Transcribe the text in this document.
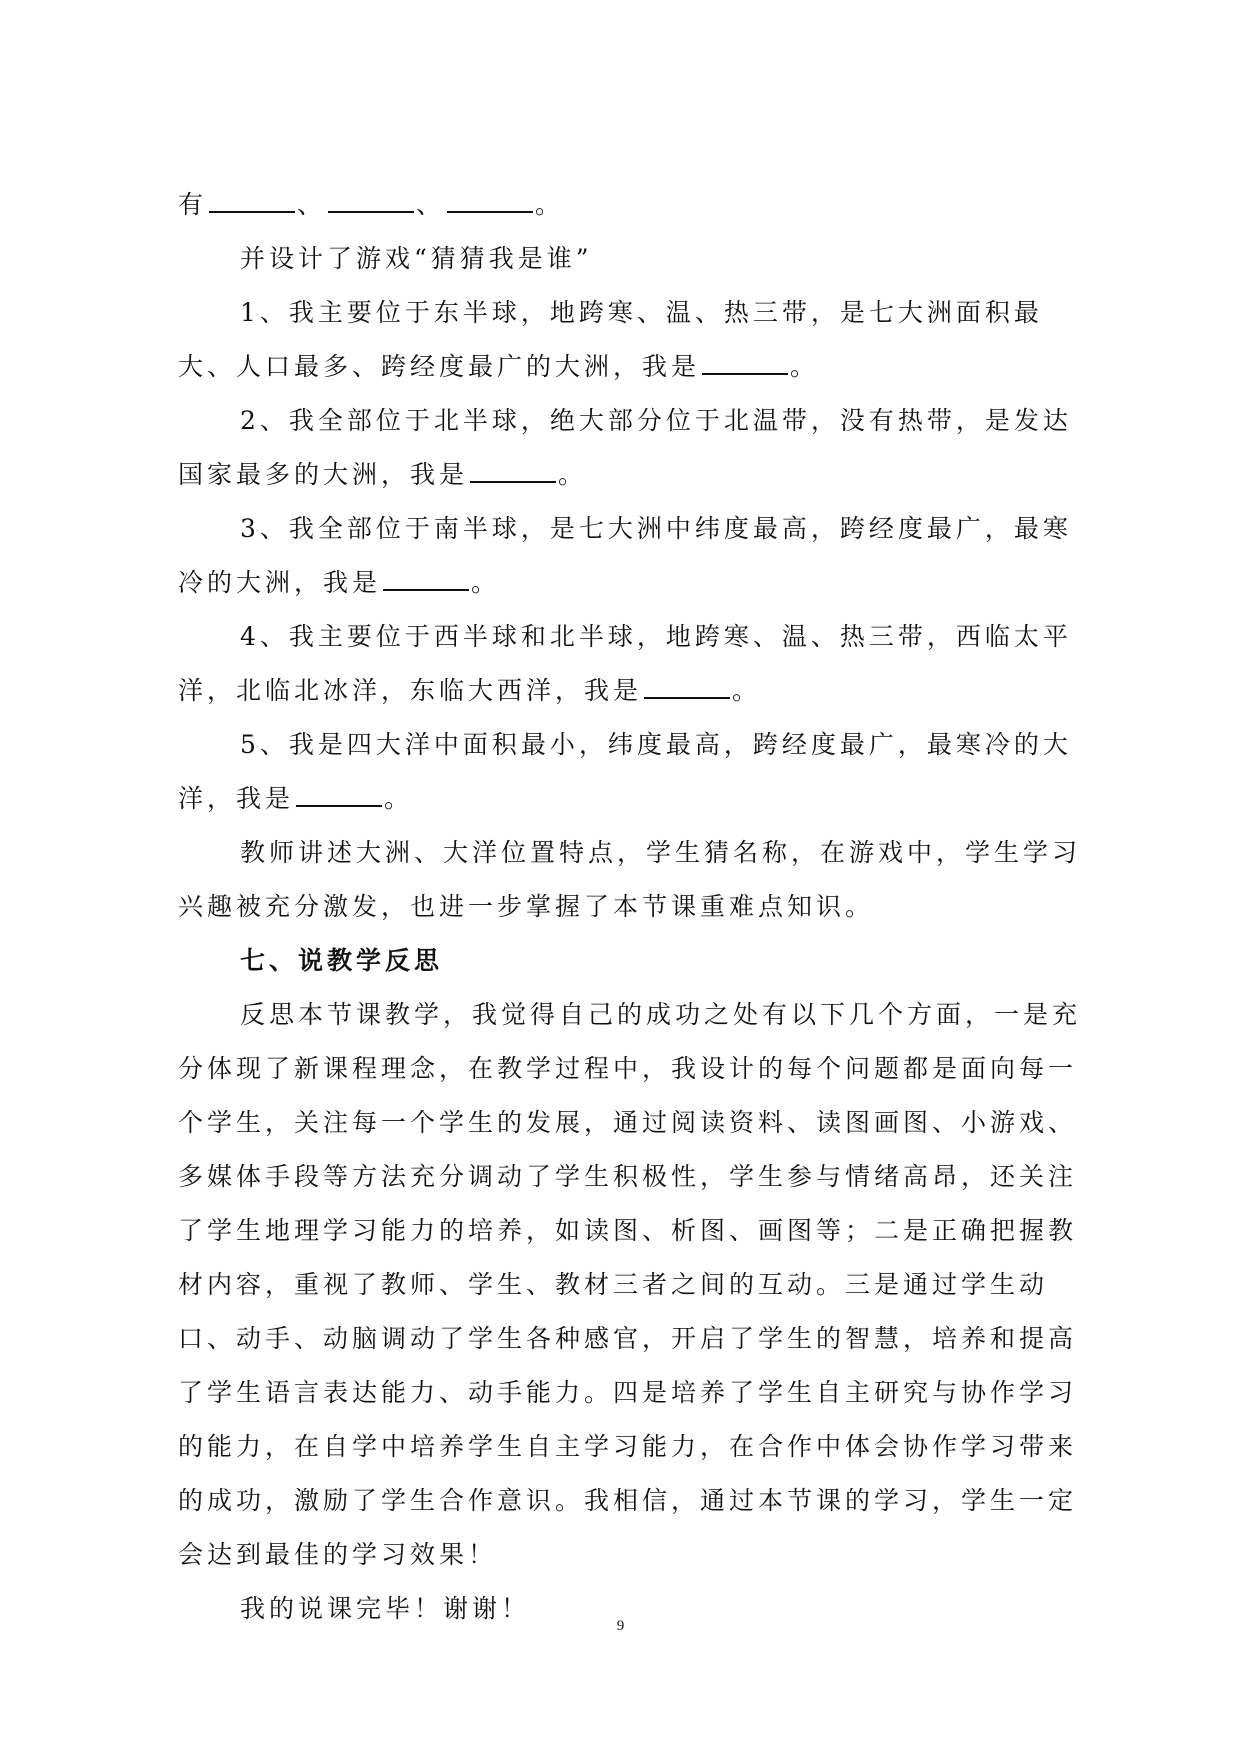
有	、	、	。

并设计了游戏“猜猜我是谁”

1、我主要位于东半球，地跨寒、温、热三带，是七大洲面积最大、人口最多、跨经度最广的大洲，我是	。

2、我全部位于北半球，绝大部分位于北温带，没有热带，是发达国家最多的大洲，我是	。

3、我全部位于南半球，是七大洲中纬度最高，跨经度最广，最寒冷的大洲，我是	。

4、我主要位于西半球和北半球，地跨寒、温、热三带，西临太平洋，北临北冰洋，东临大西洋，我是	。

5、我是四大洋中面积最小，纬度最高，跨经度最广，最寒冷的大洋，我是	。

教师讲述大洲、大洋位置特点，学生猜名称，在游戏中，学生学习兴趣被充分激发，也进一步掌握了本节课重难点知识。

七、说教学反思

反思本节课教学，我觉得自己的成功之处有以下几个方面，一是充分体现了新课程理念，在教学过程中，我设计的每个问题都是面向每一个学生，关注每一个学生的发展，通过阅读资料、读图画图、小游戏、多媒体手段等方法充分调动了学生积极性，学生参与情绪高昂，还关注了学生地理学习能力的培养，如读图、析图、画图等；二是正确把握教材内容，重视了教师、学生、教材三者之间的互动。三是通过学生动口、动手、动脑调动了学生各种感官，开启了学生的智慧，培养和提高了学生语言表达能力、动手能力。四是培养了学生自主研究与协作学习的能力，在自学中培养学生自主学习能力，在合作中体会协作学习带来的成功，激励了学生合作意识。我相信，通过本节课的学习，学生一定会达到最佳的学习效果！

我的说课完毕！谢谢！

9
